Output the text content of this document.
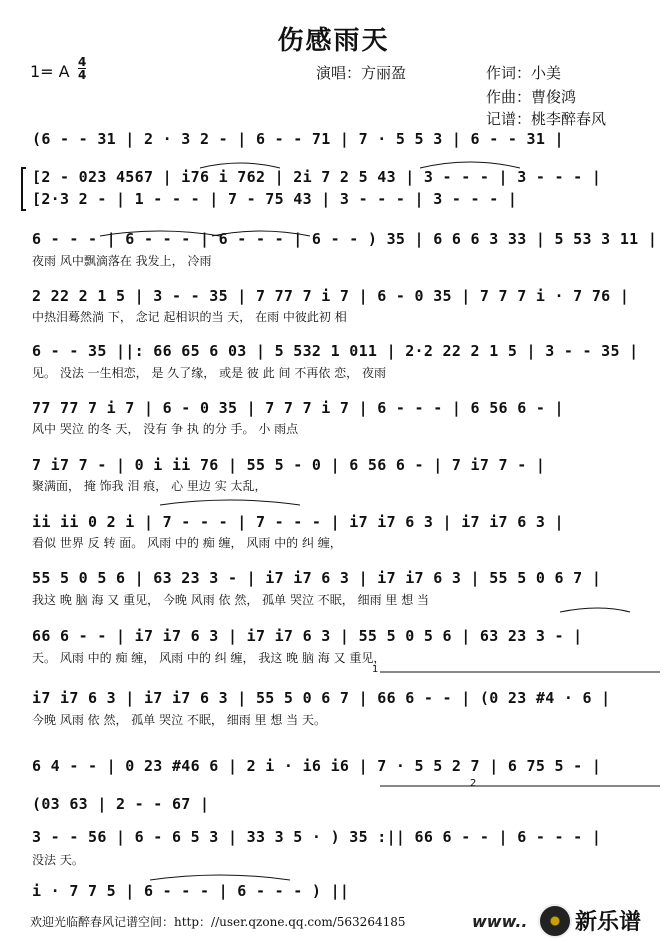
伤感雨天
1= A $\frac{4}{4}$	演唱：方丽盈	作词：小美
作曲：曹俊鸿
记谱：桃李醉春风
1
2
(6 - - 31 | 2 · 3 2 - | 6 - - 71 | 7 · 5 5 3 | 6 - - 31 |
[2 - 023 4567 | i76 i 762 | 2i 7 2 5 43 | 3 - - - | 3 - - - |
[2·3 2 - | 1 - - - | 7 - 75 43 | 3 - - - | 3 - - - |
6 - - - | 6 - - - | 6 - - - | 6 - - ) 35 | 6 6 6 3 33 | 5 53 3 11 |
夜雨 风中飘滴落在 我发上， 冷雨
2 22 2 1 5 | 3 - - 35 | 7 77 7 i 7 | 6 - 0 35 | 7 7 7 i · 7 76 |
中热泪蓦然淌 下， 念记 起相识的当 天， 在雨 中彼此初 相
6 - - 35 ||: 66 65 6 03 | 5 532 1 011 | 2·2 22 2 1 5 | 3 - - 35 |
见。 没法 一生相恋， 是 久了缘， 或是 彼 此 间 不再依 恋， 夜雨
77 77 7 i 7 | 6 - 0 35 | 7 7 7 i 7 | 6 - - - | 6 56 6 - |
风中 哭泣 的冬 天， 没有 争 执 的分 手。 小 雨点
7 i7 7 - | 0 i ii 76 | 55 5 - 0 | 6 56 6 - | 7 i7 7 - |
聚满面， 掩 饰我 泪 痕， 心 里边 实 太乱，
ii ii 0 2 i | 7 - - - | 7 - - - | i7 i7 6 3 | i7 i7 6 3 |
看似 世界 反 转 面。 风雨 中的 痴 缠， 风雨 中的 纠 缠，
55 5 0 5 6 | 63 23 3 - | i7 i7 6 3 | i7 i7 6 3 | 55 5 0 6 7 |
我这 晚 脑 海 又 重见， 今晚 风雨 依 然， 孤单 哭泣 不眠， 细雨 里 想 当
66 6 - - | i7 i7 6 3 | i7 i7 6 3 | 55 5 0 5 6 | 63 23 3 - |
天。 风雨 中的 痴 缠， 风雨 中的 纠 缠， 我这 晚 脑 海 又 重见，
i7 i7 6 3 | i7 i7 6 3 | 55 5 0 6 7 | 66 6 - - | (0 23 #4 · 6 |
今晚 风雨 依 然， 孤单 哭泣 不眠， 细雨 里 想 当 天。
6 4 - - | 0 23 #46 6 | 2 i · i6 i6 | 7 · 5 5 2 7 | 6 75 5 - |
(03 63 | 2 - - 67 |
3 - - 56 | 6 - 6 5 3 | 33 3 5 · ) 35 :|| 66 6 - - | 6 - - - |
没法 天。
i · 7 7 5 | 6 - - - | 6 - - - ) ||
欢迎光临醉春风记谱空间：http：//user.qzone.qq.com/563264185	www.. 新乐谱
